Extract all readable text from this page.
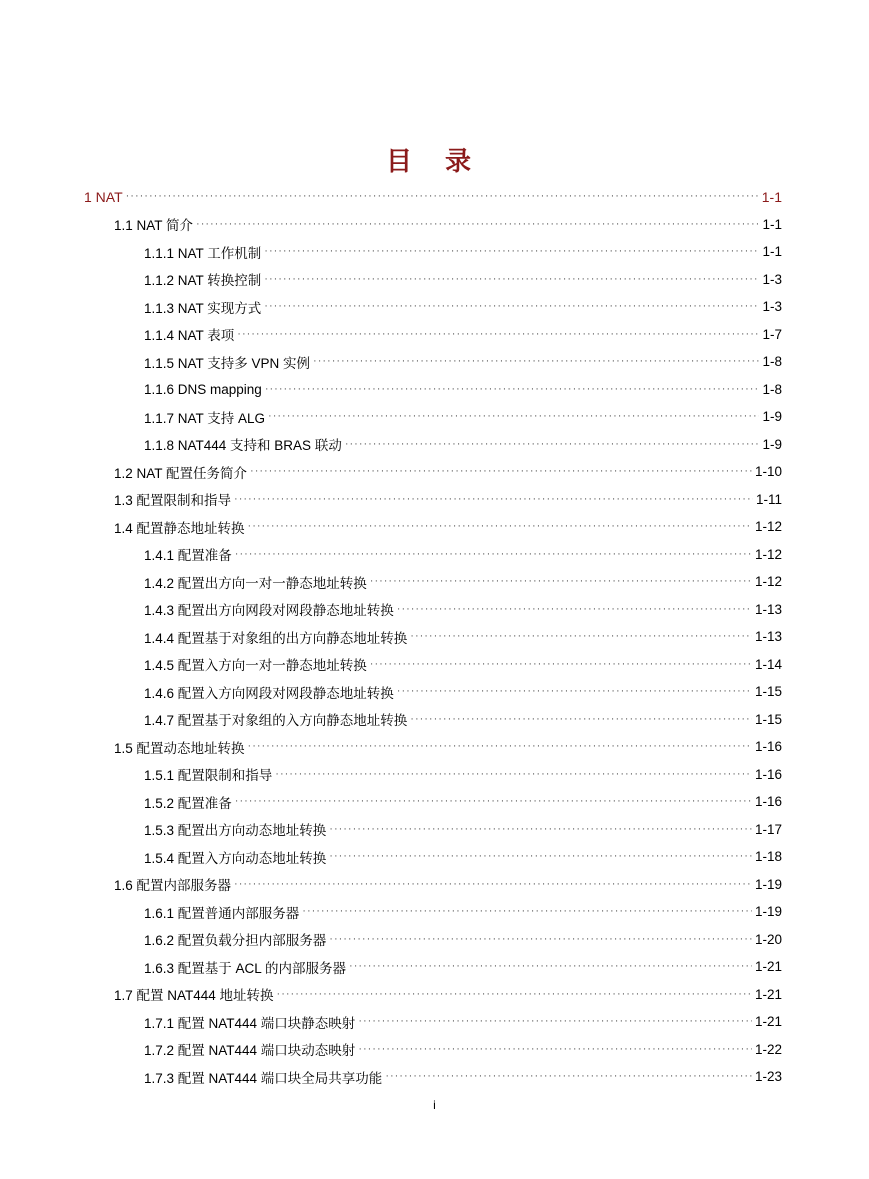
目 录
1 NAT ·····	1-1
1.1 NAT 简介 ·····	1-1
1.1.1 NAT 工作机制 ·····	1-1
1.1.2 NAT 转换控制 ·····	1-3
1.1.3 NAT 实现方式 ·····	1-3
1.1.4 NAT 表项 ·····	1-7
1.1.5 NAT 支持多 VPN 实例 ·····	1-8
1.1.6 DNS mapping ·····	1-8
1.1.7 NAT 支持 ALG ·····	1-9
1.1.8 NAT444 支持和 BRAS 联动 ·····	1-9
1.2 NAT 配置任务简介 ·····	1-10
1.3 配置限制和指导 ·····	1-11
1.4 配置静态地址转换 ·····	1-12
1.4.1 配置准备 ·····	1-12
1.4.2 配置出方向一对一静态地址转换 ·····	1-12
1.4.3 配置出方向网段对网段静态地址转换 ·····	1-13
1.4.4 配置基于对象组的出方向静态地址转换 ·····	1-13
1.4.5 配置入方向一对一静态地址转换 ·····	1-14
1.4.6 配置入方向网段对网段静态地址转换 ·····	1-15
1.4.7 配置基于对象组的入方向静态地址转换 ·····	1-15
1.5 配置动态地址转换 ·····	1-16
1.5.1 配置限制和指导 ·····	1-16
1.5.2 配置准备 ·····	1-16
1.5.3 配置出方向动态地址转换 ·····	1-17
1.5.4 配置入方向动态地址转换 ·····	1-18
1.6 配置内部服务器 ·····	1-19
1.6.1 配置普通内部服务器 ·····	1-19
1.6.2 配置负载分担内部服务器 ·····	1-20
1.6.3 配置基于 ACL 的内部服务器 ·····	1-21
1.7 配置 NAT444 地址转换 ·····	1-21
1.7.1 配置 NAT444 端口块静态映射 ·····	1-21
1.7.2 配置 NAT444 端口块动态映射 ·····	1-22
1.7.3 配置 NAT444 端口块全局共享功能 ·····	1-23
i
